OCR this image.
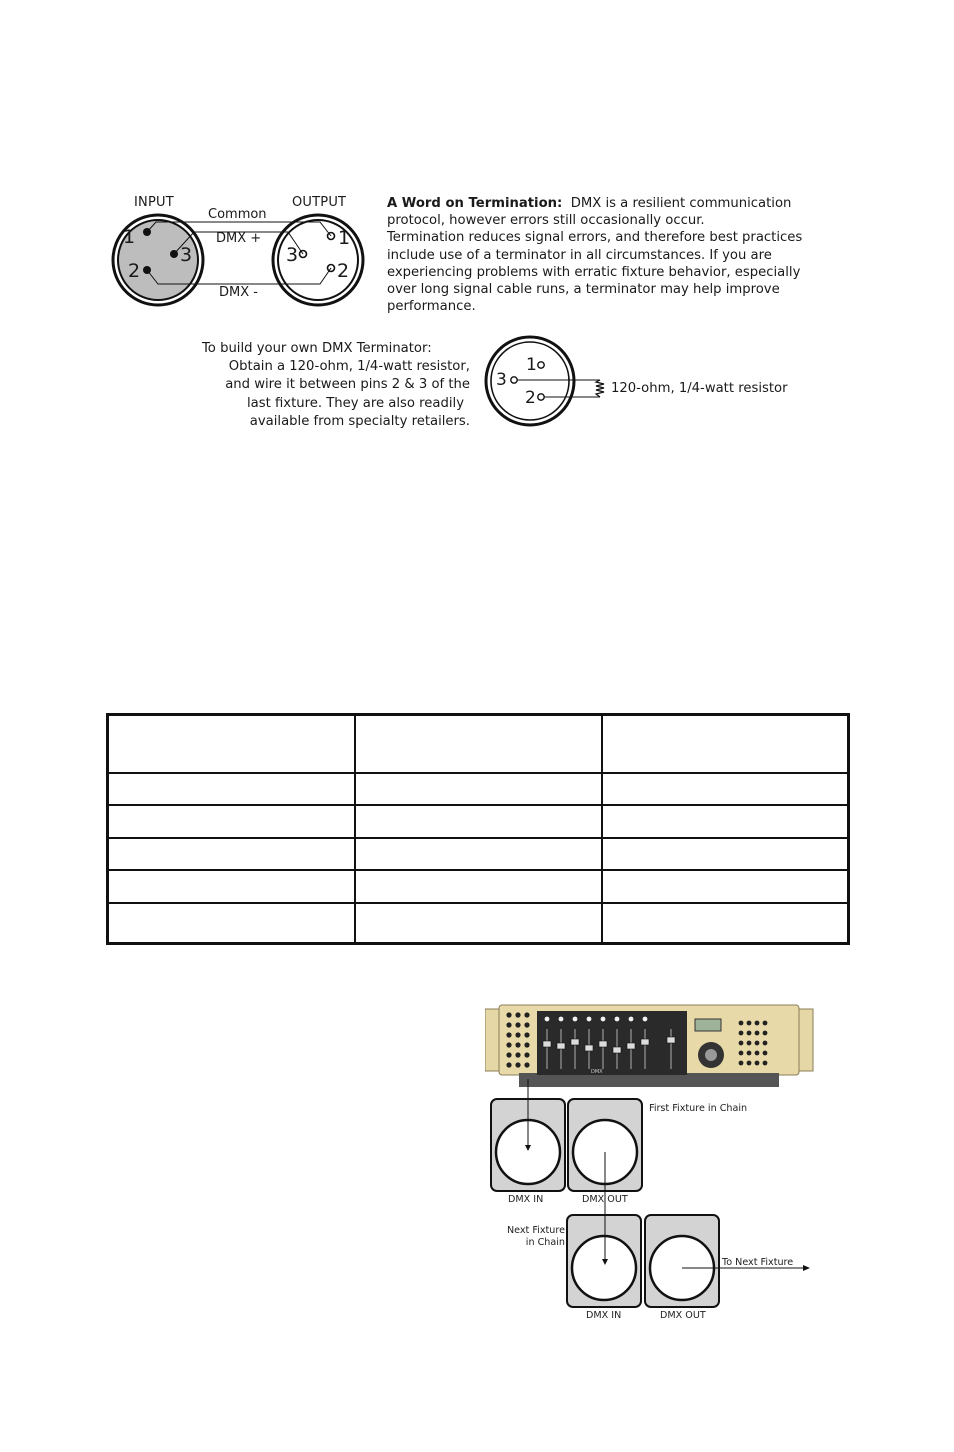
INPUT	OUTPUT
Common
DMX +
DMX -
1
2
3
1
2
3
A Word on Termination: DMX is a resilient communication
protocol, however errors still occasionally occur.
Termination reduces signal errors, and therefore best practices
include use of a terminator in all circumstances. If you are
experiencing problems with erratic fixture behavior, especially
over long signal cable runs, a terminator may help improve
performance.
To build your own DMX Terminator:
Obtain a 120-ohm, 1/4-watt resistor,
and wire it between pins 2 & 3 of the
last fixture. They are also readily
available from specialty retailers.
1
2
3	120-ohm, 1/4-watt resistor

DMX
First Fixture in Chain
DMX IN	DMX OUT
Next Fixture
in Chain
DMX IN	DMX OUT
To Next Fixture
